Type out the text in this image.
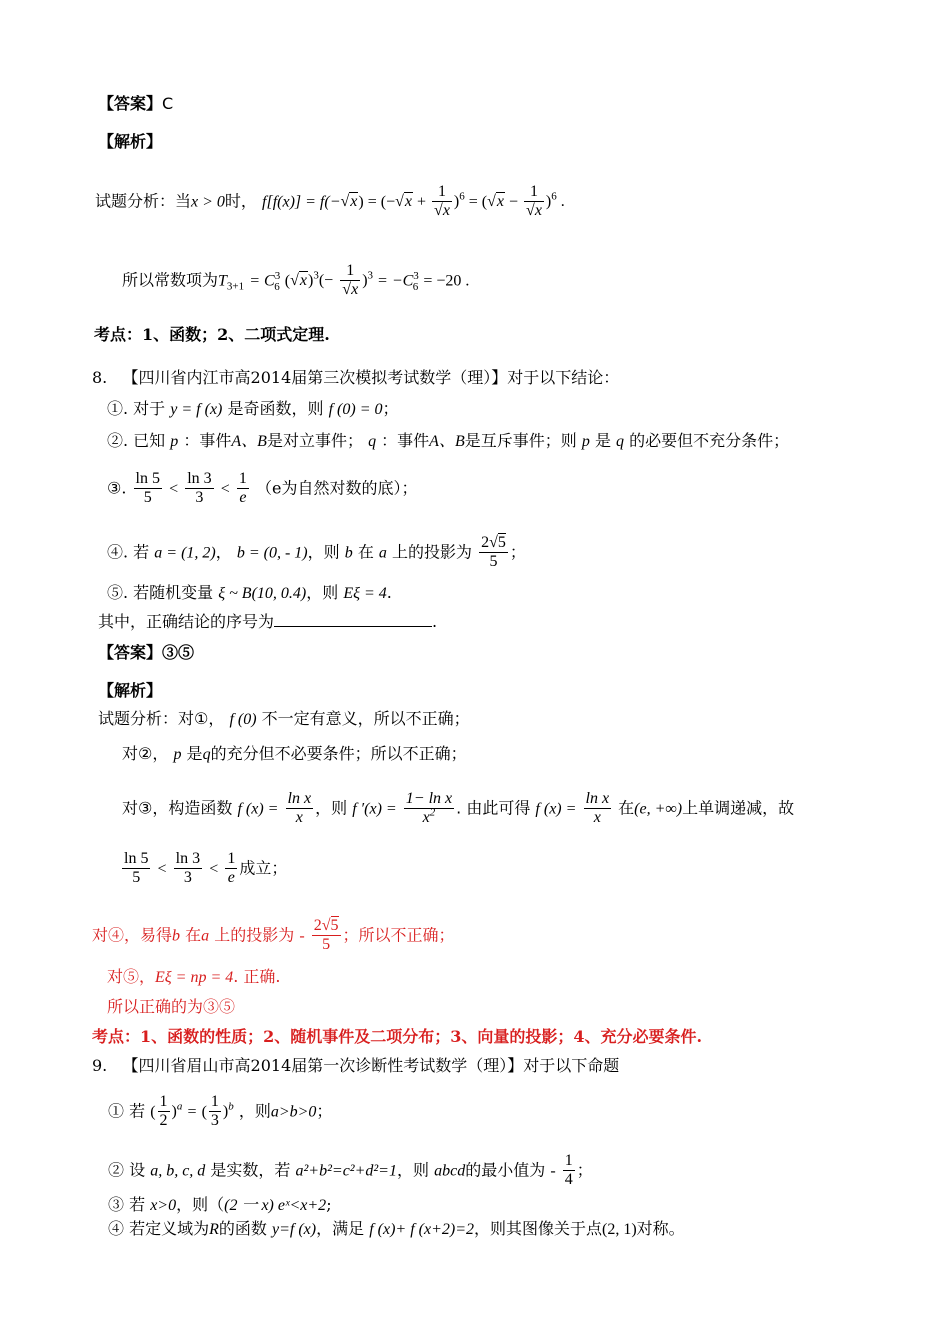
【答案】C
【解析】
试题分析：当x > 0时， $f[f(x)] = f(-√x) = (-√x + \frac{1}{√x} )^6 = (√x - \frac{1}{√x} )^6$ .
所以常数项为$T_{3+1} = C^3_6$ $(√x)^3(- \frac{1}{√x} )^3 = -C^3_6 = -20$ .
考点：1、函数；2、二项式定理.
8. 【四川省内江市高2014届第三次模拟考试数学（理）】对于以下结论：
①. 对于 y = f (x) 是奇函数，则 f (0) = 0；
②. 已知 p ：事件A、B是对立事件； q ：事件A、B是互斥事件；则 p 是 q 的必要但不充分条件；
③. $\frac{\ln 5}{5} < \frac{\ln 3}{3} < \frac{1}{e} (e$为自然对数的底）；
④. 若 a = (1, 2)， b = (0, - 1)，则 b 在 a 上的投影为 $\frac{2√5}{5}$ ；
⑤. 若随机变量 ξ ~ B(10, 0.4)，则 Eξ = 4.
其中，正确结论的序号为	.
【答案】③⑤
【解析】
试题分析：对①， f (0) 不一定有意义，所以不正确；
对②， p 是q的充分但不必要条件；所以不正确；
对③，构造函数 f $(x) = \frac{\text{ln x}}{x}$ ，则 f $'(x) = \frac{\text{1− ln x}}{x^2}$ . 由此可得 f $(x) = \frac{\text{ln x}}{x}$ 在(e, +∞)上单调递减，故
$\frac{\ln 5}{5} < \frac{\ln 3}{3} < \frac{1}{e}$ 成立；
对④，易得b 在a 上的投影为 - $\frac{2√5}{5}$ ；所以不正确；
对⑤，Eξ = np = 4. 正确.
所以正确的为③⑤
考点：1、函数的性质；2、随机事件及二项分布；3、向量的投影；4、充分必要条件.
9. 【四川省眉山市高2014届第一次诊断性考试数学（理）】对于以下命题
① 若 ( $\frac{1}{2} )^a$ = ( $\frac{1}{3} )^b$ ，则a>b>0；
② 设 a, b, c, d 是实数，若 a²+b²=c²+d²=1，则 abcd的最小值为 - $\frac{1}{4}$ ；
③ 若 x>0，则（(2 一 x) eˣ<x+2;
④ 若定义域为R的函数 y=f (x)，满足 f (x)+ f (x+2)=2，则其图像关于点(2, 1)对称。
